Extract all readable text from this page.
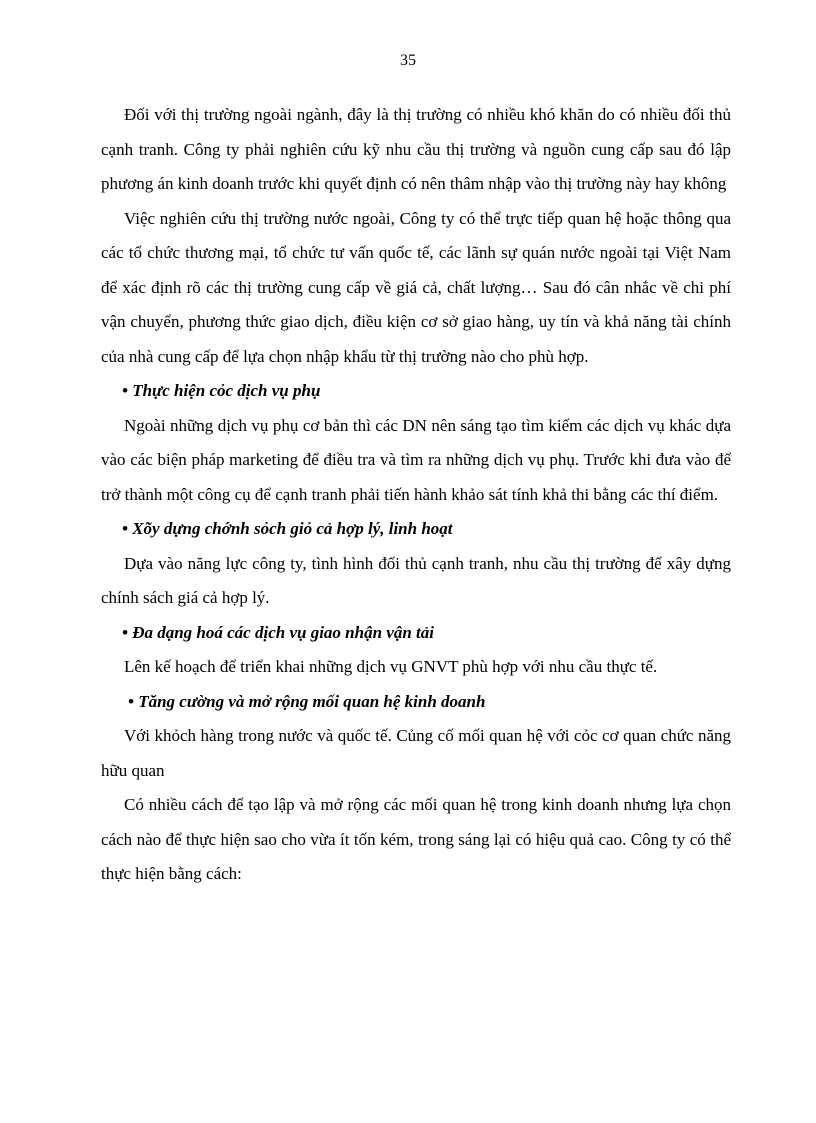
35

Đối với thị trường ngoài ngành, đây là thị trường có nhiều khó khăn do có nhiều đối thủ cạnh tranh. Công ty phải nghiên cứu kỹ nhu cầu thị trường và nguồn cung cấp sau đó lập phương án kinh doanh trước khi quyết định có nên thâm nhập vào thị trường này hay không

Việc nghiên cứu thị trường nước ngoài, Công ty có thể trực tiếp quan hệ hoặc thông qua các tổ chức thương mại, tổ chức tư vấn quốc tế, các lãnh sự quán nước ngoài tại Việt Nam để xác định rõ các thị trường cung cấp về giá cả, chất lượng… Sau đó cân nhắc về chi phí vận chuyển, phương thức giao dịch, điều kiện cơ sở giao hàng, uy tín và khả năng tài chính của nhà cung cấp để lựa chọn nhập khẩu từ thị trường nào cho phù hợp.

• Thực hiện cỏc dịch vụ phụ

Ngoài những dịch vụ phụ cơ bản thì các DN nên sáng tạo tìm kiếm các dịch vụ khác dựa vào các biện pháp marketing để điều tra và tìm ra những dịch vụ phụ. Trước khi đưa vào để trở thành một công cụ để cạnh tranh phải tiến hành khảo sát tính khả thi bằng các thí điểm.

• Xõy dựng chớnh sỏch giỏ cả hợp lý, linh hoạt

Dựa vào năng lực công ty, tình hình đối thủ cạnh tranh, nhu cầu thị trường để xây dựng chính sách giá cả hợp lý.

• Đa dạng hoá các dịch vụ giao nhận vận tải

Lên kế hoạch để triển khai những dịch vụ GNVT phù hợp với nhu cầu thực tế.

• Tăng cường và mở rộng mối quan hệ kinh doanh

Với khỏch hàng trong nước và quốc tế. Củng cố mối quan hệ với cỏc cơ quan chức năng hữu quan

Có nhiều cách để tạo lập và mở rộng các mối quan hệ trong kinh doanh nhưng lựa chọn cách nào để thực hiện sao cho vừa ít tốn kém, trong sáng lại có hiệu quả cao. Công ty có thể thực hiện bằng cách:
